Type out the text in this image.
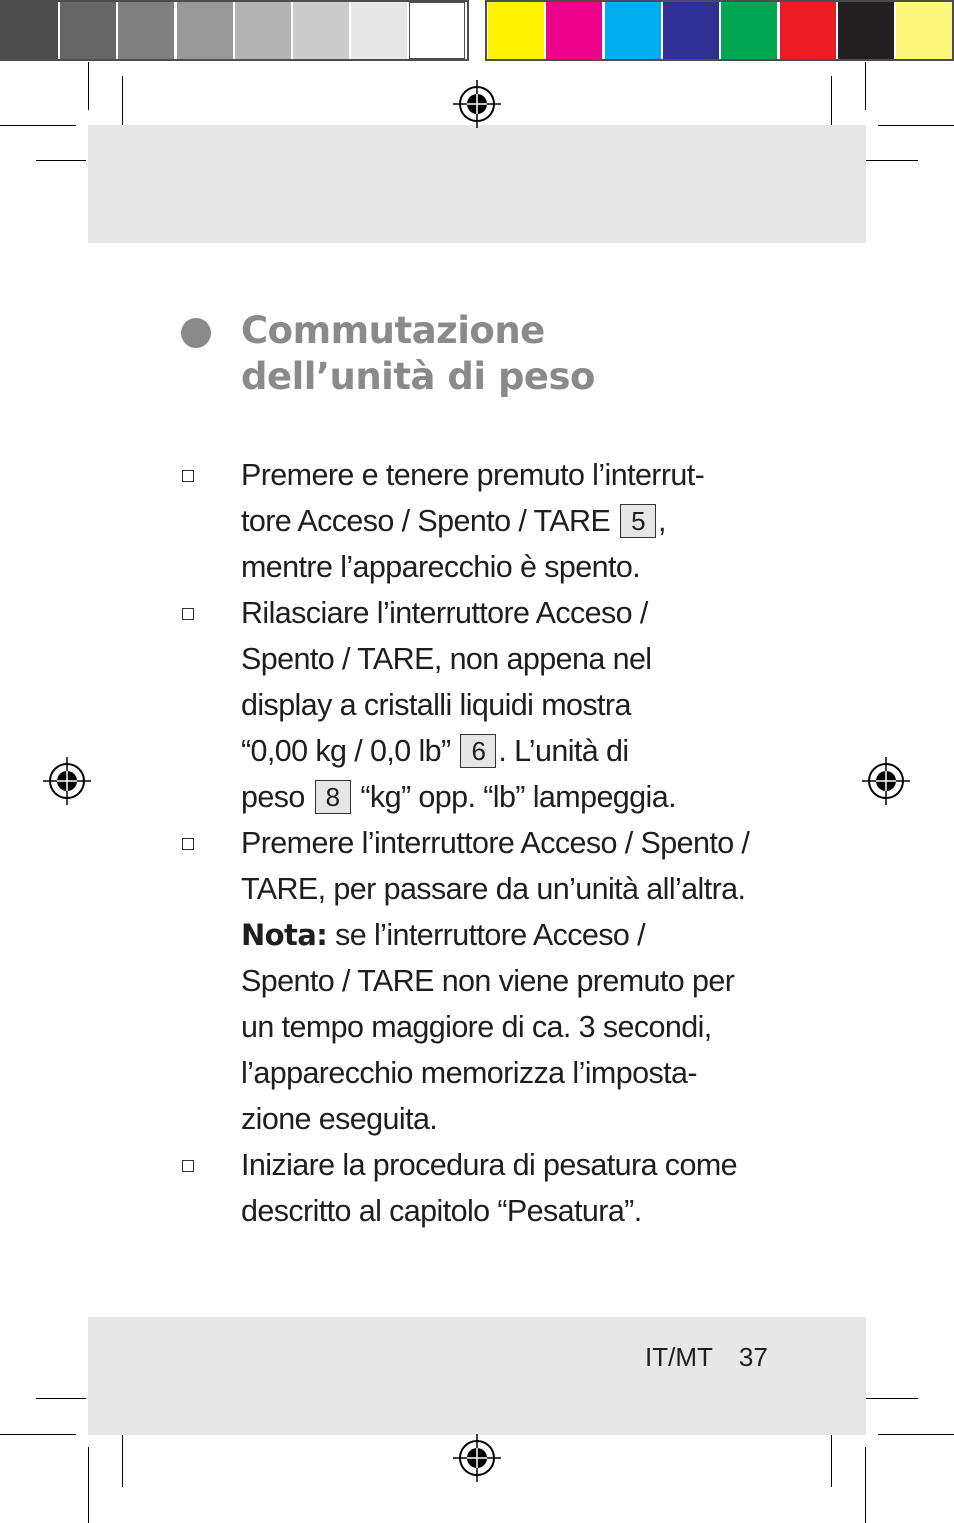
Commutazione
dell’unità di peso
Premere e tenere premuto l’interrut-
tore Acceso / Spento / TARE 5 ,
mentre l’apparecchio è spento.
Rilasciare l’interruttore Acceso /
Spento / TARE, non appena nel
display a cristalli liquidi mostra
“0,00 kg / 0,0 lb” 6 . L’unità di
peso 8 “kg” opp. “lb” lampeggia.
Premere l’interruttore Acceso / Spento /
TARE, per passare da un’unità all’altra.
Nota: se l’interruttore Acceso /
Spento / TARE non viene premuto per
un tempo maggiore di ca. 3 secondi,
l’apparecchio memorizza l’imposta-
zione eseguita.
Iniziare la procedura di pesatura come
descritto al capitolo “Pesatura”.
IT/MT 37
